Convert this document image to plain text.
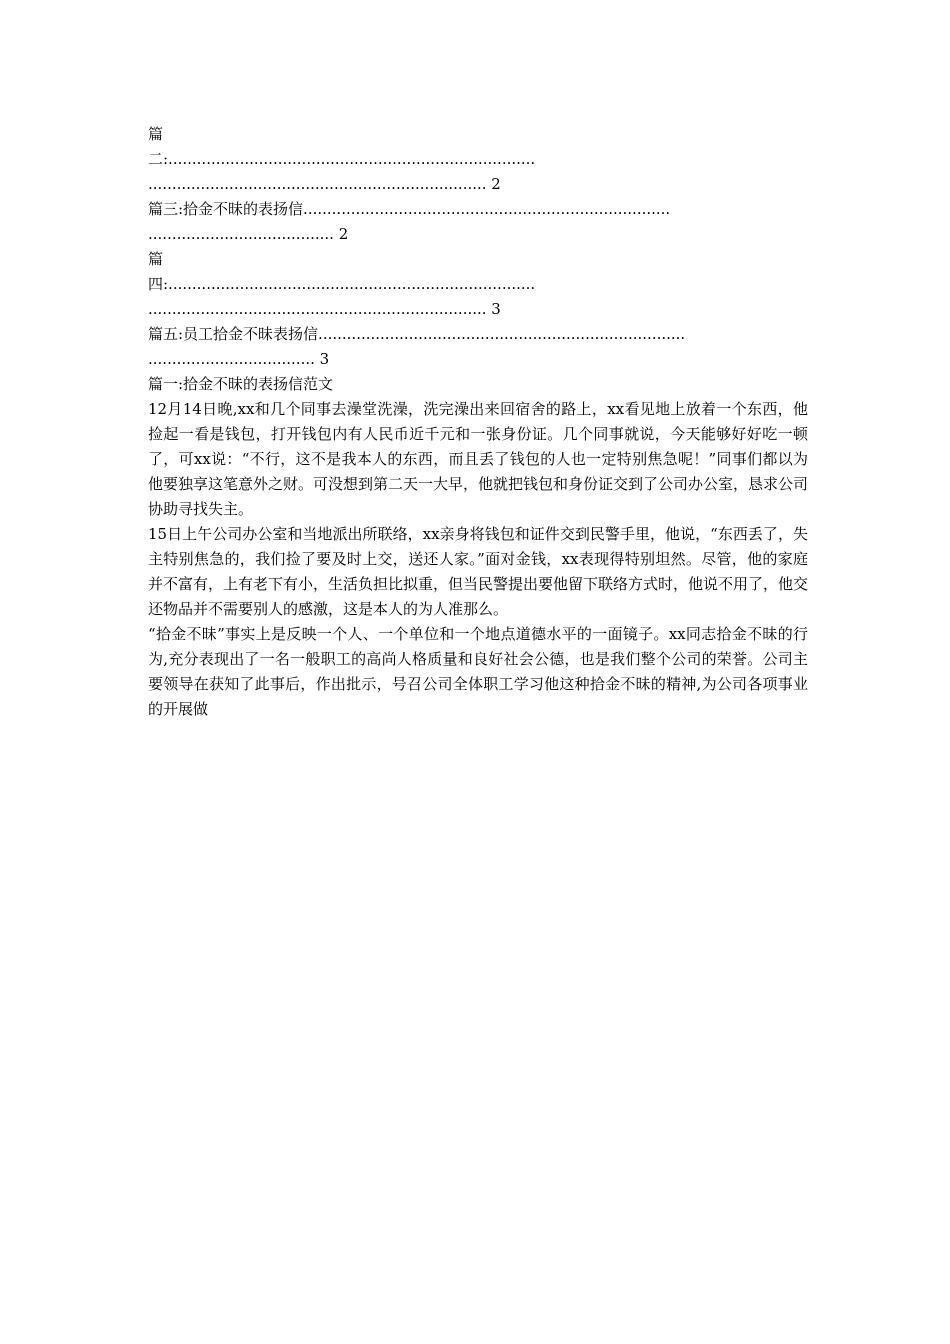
篇
二:.............................................................................
....................................................................... 2
篇三:拾金不昧的表扬信.............................................................................
....................................... 2
篇
四:.............................................................................
....................................................................... 3
篇五:员工拾金不昧表扬信.............................................................................
................................... 3
篇一:拾金不昧的表扬信范文

12月14日晚,xx和几个同事去澡堂洗澡，洗完澡出来回宿舍的路上，xx看见地上放着一个东西，他捡起一看是钱包，打开钱包内有人民币近千元和一张身份证。几个同事就说，今天能够好好吃一顿了，可xx说：“不行，这不是我本人的东西，而且丢了钱包的人也一定特别焦急呢！”同事们都以为他要独享这笔意外之财。可没想到第二天一大早，他就把钱包和身份证交到了公司办公室，恳求公司协助寻找失主。

15日上午公司办公室和当地派出所联络，xx亲身将钱包和证件交到民警手里，他说，“东西丢了，失主特别焦急的，我们捡了要及时上交，送还人家。”面对金钱，xx表现得特别坦然。尽管，他的家庭并不富有，上有老下有小，生活负担比拟重，但当民警提出要他留下联络方式时，他说不用了，他交还物品并不需要别人的感激，这是本人的为人准那么。

“拾金不昧”事实上是反映一个人、一个单位和一个地点道德水平的一面镜子。xx同志拾金不昧的行为,充分表现出了一名一般职工的高尚人格质量和良好社会公德，也是我们整个公司的荣誉。公司主要领导在获知了此事后，作出批示，号召公司全体职工学习他这种拾金不昧的精神,为公司各项事业的开展做
